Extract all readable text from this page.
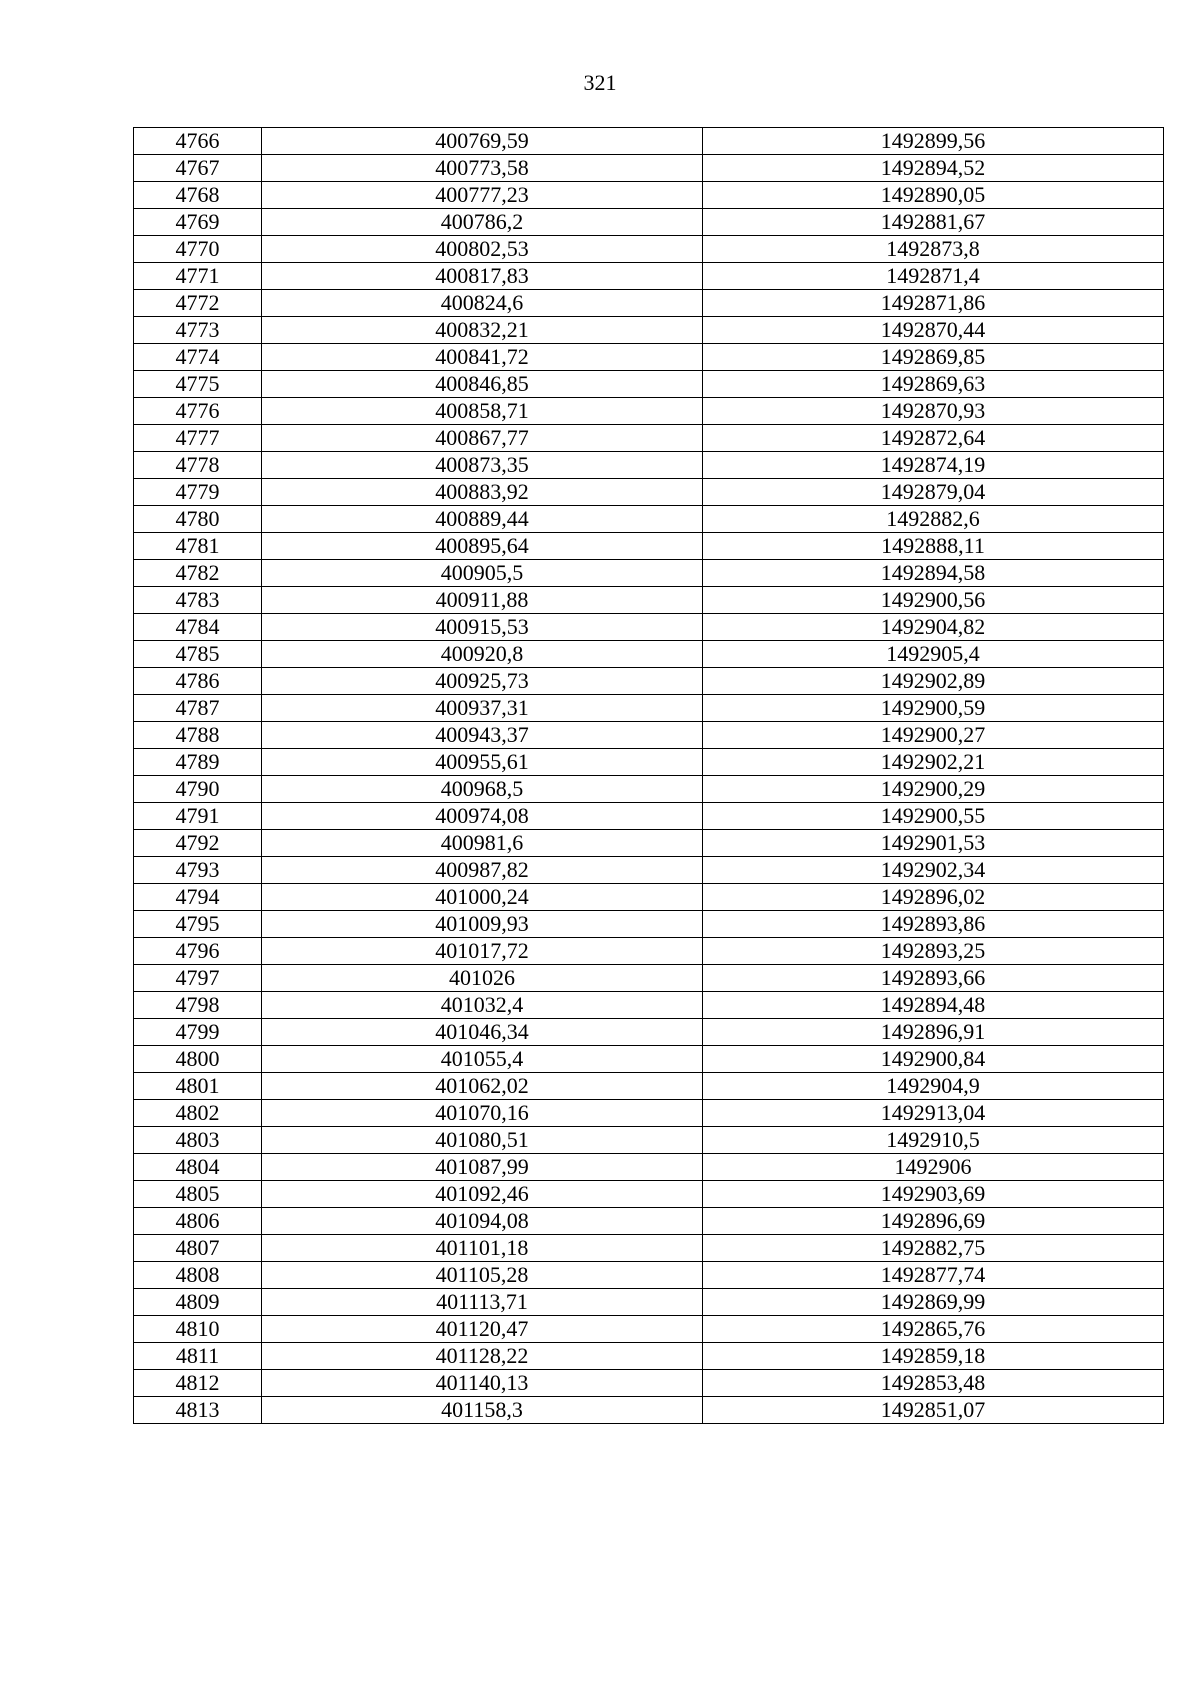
321
4766	400769,59	1492899,56
4767	400773,58	1492894,52
4768	400777,23	1492890,05
4769	400786,2	1492881,67
4770	400802,53	1492873,8
4771	400817,83	1492871,4
4772	400824,6	1492871,86
4773	400832,21	1492870,44
4774	400841,72	1492869,85
4775	400846,85	1492869,63
4776	400858,71	1492870,93
4777	400867,77	1492872,64
4778	400873,35	1492874,19
4779	400883,92	1492879,04
4780	400889,44	1492882,6
4781	400895,64	1492888,11
4782	400905,5	1492894,58
4783	400911,88	1492900,56
4784	400915,53	1492904,82
4785	400920,8	1492905,4
4786	400925,73	1492902,89
4787	400937,31	1492900,59
4788	400943,37	1492900,27
4789	400955,61	1492902,21
4790	400968,5	1492900,29
4791	400974,08	1492900,55
4792	400981,6	1492901,53
4793	400987,82	1492902,34
4794	401000,24	1492896,02
4795	401009,93	1492893,86
4796	401017,72	1492893,25
4797	401026	1492893,66
4798	401032,4	1492894,48
4799	401046,34	1492896,91
4800	401055,4	1492900,84
4801	401062,02	1492904,9
4802	401070,16	1492913,04
4803	401080,51	1492910,5
4804	401087,99	1492906
4805	401092,46	1492903,69
4806	401094,08	1492896,69
4807	401101,18	1492882,75
4808	401105,28	1492877,74
4809	401113,71	1492869,99
4810	401120,47	1492865,76
4811	401128,22	1492859,18
4812	401140,13	1492853,48
4813	401158,3	1492851,07
